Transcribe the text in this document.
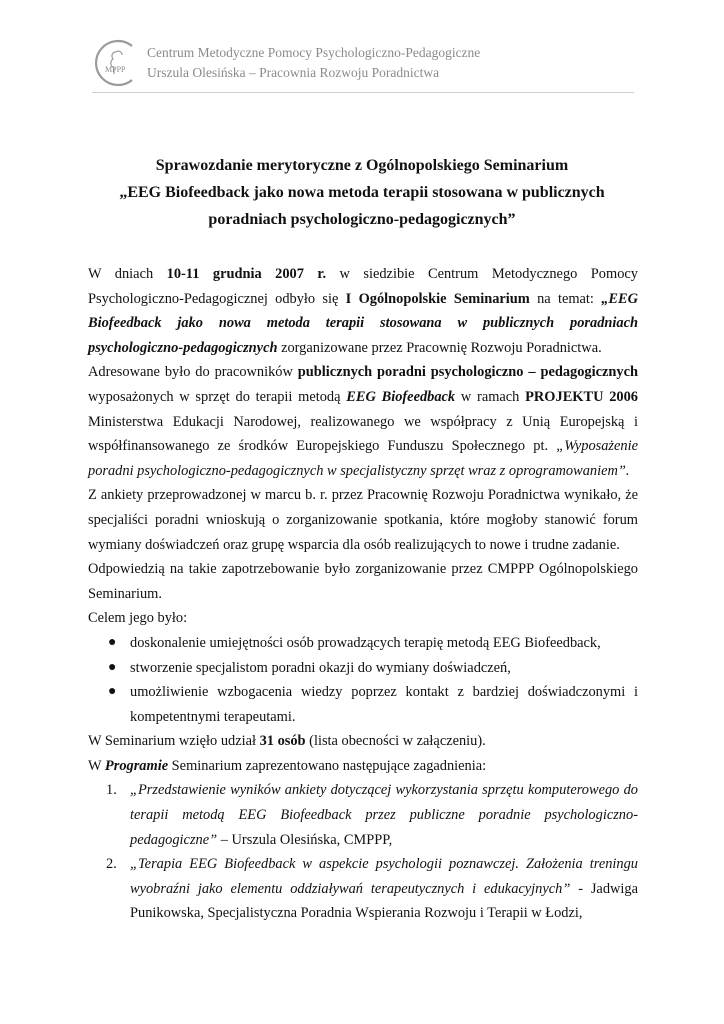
MPPP
Centrum Metodyczne Pomocy Psychologiczno-Pedagogiczne
Urszula Olesińska – Pracownia Rozwoju Poradnictwa
Sprawozdanie merytoryczne z Ogólnopolskiego Seminarium
„EEG Biofeedback jako nowa metoda terapii stosowana w publicznych
poradniach psychologiczno-pedagogicznych”

W dniach 10-11 grudnia 2007 r. w siedzibie Centrum Metodycznego Pomocy Psychologiczno-Pedagogicznej odbyło się I Ogólnopolskie Seminarium na temat: „EEG Biofeedback jako nowa metoda terapii stosowana w publicznych poradniach psychologiczno-pedagogicznych zorganizowane przez Pracownię Rozwoju Poradnictwa.

Adresowane było do pracowników publicznych poradni psychologiczno – pedagogicznych wyposażonych w sprzęt do terapii metodą EEG Biofeedback w ramach PROJEKTU 2006 Ministerstwa Edukacji Narodowej, realizowanego we współpracy z Unią Europejską i współfinansowanego ze środków Europejskiego Funduszu Społecznego pt. „Wyposażenie poradni psychologiczno-pedagogicznych w specjalistyczny sprzęt wraz z oprogramowaniem”.

Z ankiety przeprowadzonej w marcu b. r. przez Pracownię Rozwoju Poradnictwa wynikało, że specjaliści poradni wnioskują o zorganizowanie spotkania, które mogłoby stanowić forum wymiany doświadczeń oraz grupę wsparcia dla osób realizujących to nowe i trudne zadanie.

Odpowiedzią na takie zapotrzebowanie było zorganizowanie przez CMPPP Ogólnopolskiego Seminarium.

Celem jego było:

● doskonalenie umiejętności osób prowadzących terapię metodą EEG Biofeedback,
● stworzenie specjalistom poradni okazji do wymiany doświadczeń,
● umożliwienie wzbogacenia wiedzy poprzez kontakt z bardziej doświadczonymi i kompetentnymi terapeutami.

W Seminarium wzięło udział 31 osób (lista obecności w załączeniu).

W Programie Seminarium zaprezentowano następujące zagadnienia:

1. „Przedstawienie wyników ankiety dotyczącej wykorzystania sprzętu komputerowego do terapii metodą EEG Biofeedback przez publiczne poradnie psychologiczno-pedagogiczne” – Urszula Olesińska, CMPPP,
2. „Terapia EEG Biofeedback w aspekcie psychologii poznawczej. Założenia treningu wyobraźni jako elementu oddziaływań terapeutycznych i edukacyjnych” - Jadwiga Punikowska, Specjalistyczna Poradnia Wspierania Rozwoju i Terapii w Łodzi,
